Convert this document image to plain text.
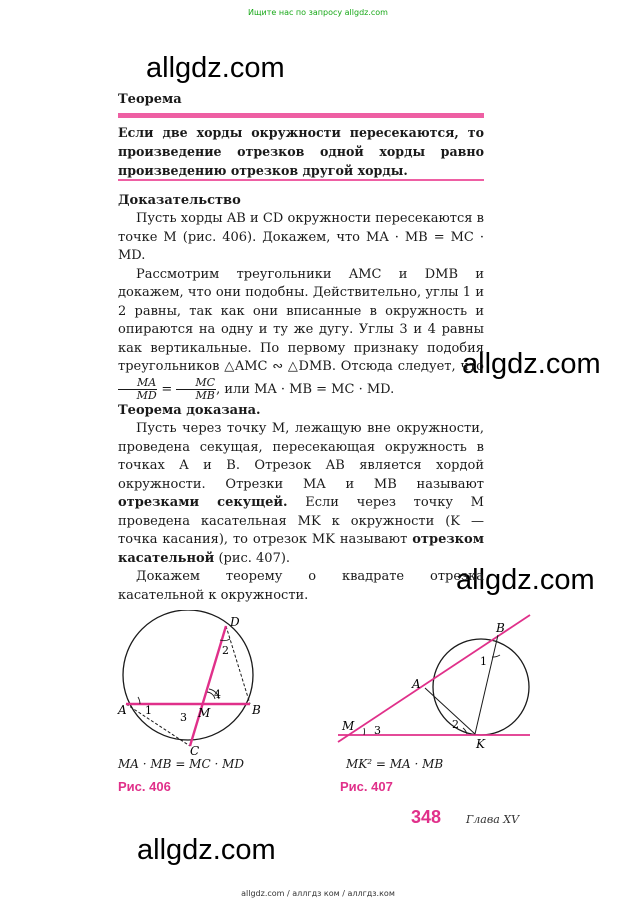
Ищите нас по запросу allgdz.com
allgdz.com
allgdz.com
allgdz.com
allgdz.com
Теорема
Если две хорды окружности пересекаются, то произведение отрезков одной хорды равно произведению отрезков другой хорды.
Доказательство

Пусть хорды AB и CD окружности пересекаются в точке M (рис. 406). Докажем, что MA · MB = MC · MD.

Рассмотрим треугольники AMC и DMB и докажем, что они подобны. Действительно, углы 1 и 2 равны, так как они вписанные в окружность и опираются на одну и ту же дугу. Углы 3 и 4 равны как вертикальные. По первому признаку подобия треугольников △AMC ∾ △DMB. Отсюда следует, что
$\frac{MA}{MD} = \frac{MC}{MB}$ , или MA · MB = MC · MD.

Теорема доказана.

Пусть через точку M, лежащую вне окружности, проведена секущая, пересекающая окружность в точках A и B. Отрезок AB является хордой окружности. Отрезки MA и MB называют отрезками секущей. Если через точку M проведена касательная MK к окружности (K — точка касания), то отрезок MK называют отрезком касательной (рис. 407).

Докажем теорему о квадрате отрезка касательной к окружности.

A	B
C
D
M
1
2
3
4
MA · MB = MC · MD
Рис. 406
B
A
K
M
1
2
3
MK² = MA · MB
Рис. 407
348 Глава XV
allgdz.com / аллгдз ком / аллгдз.ком
